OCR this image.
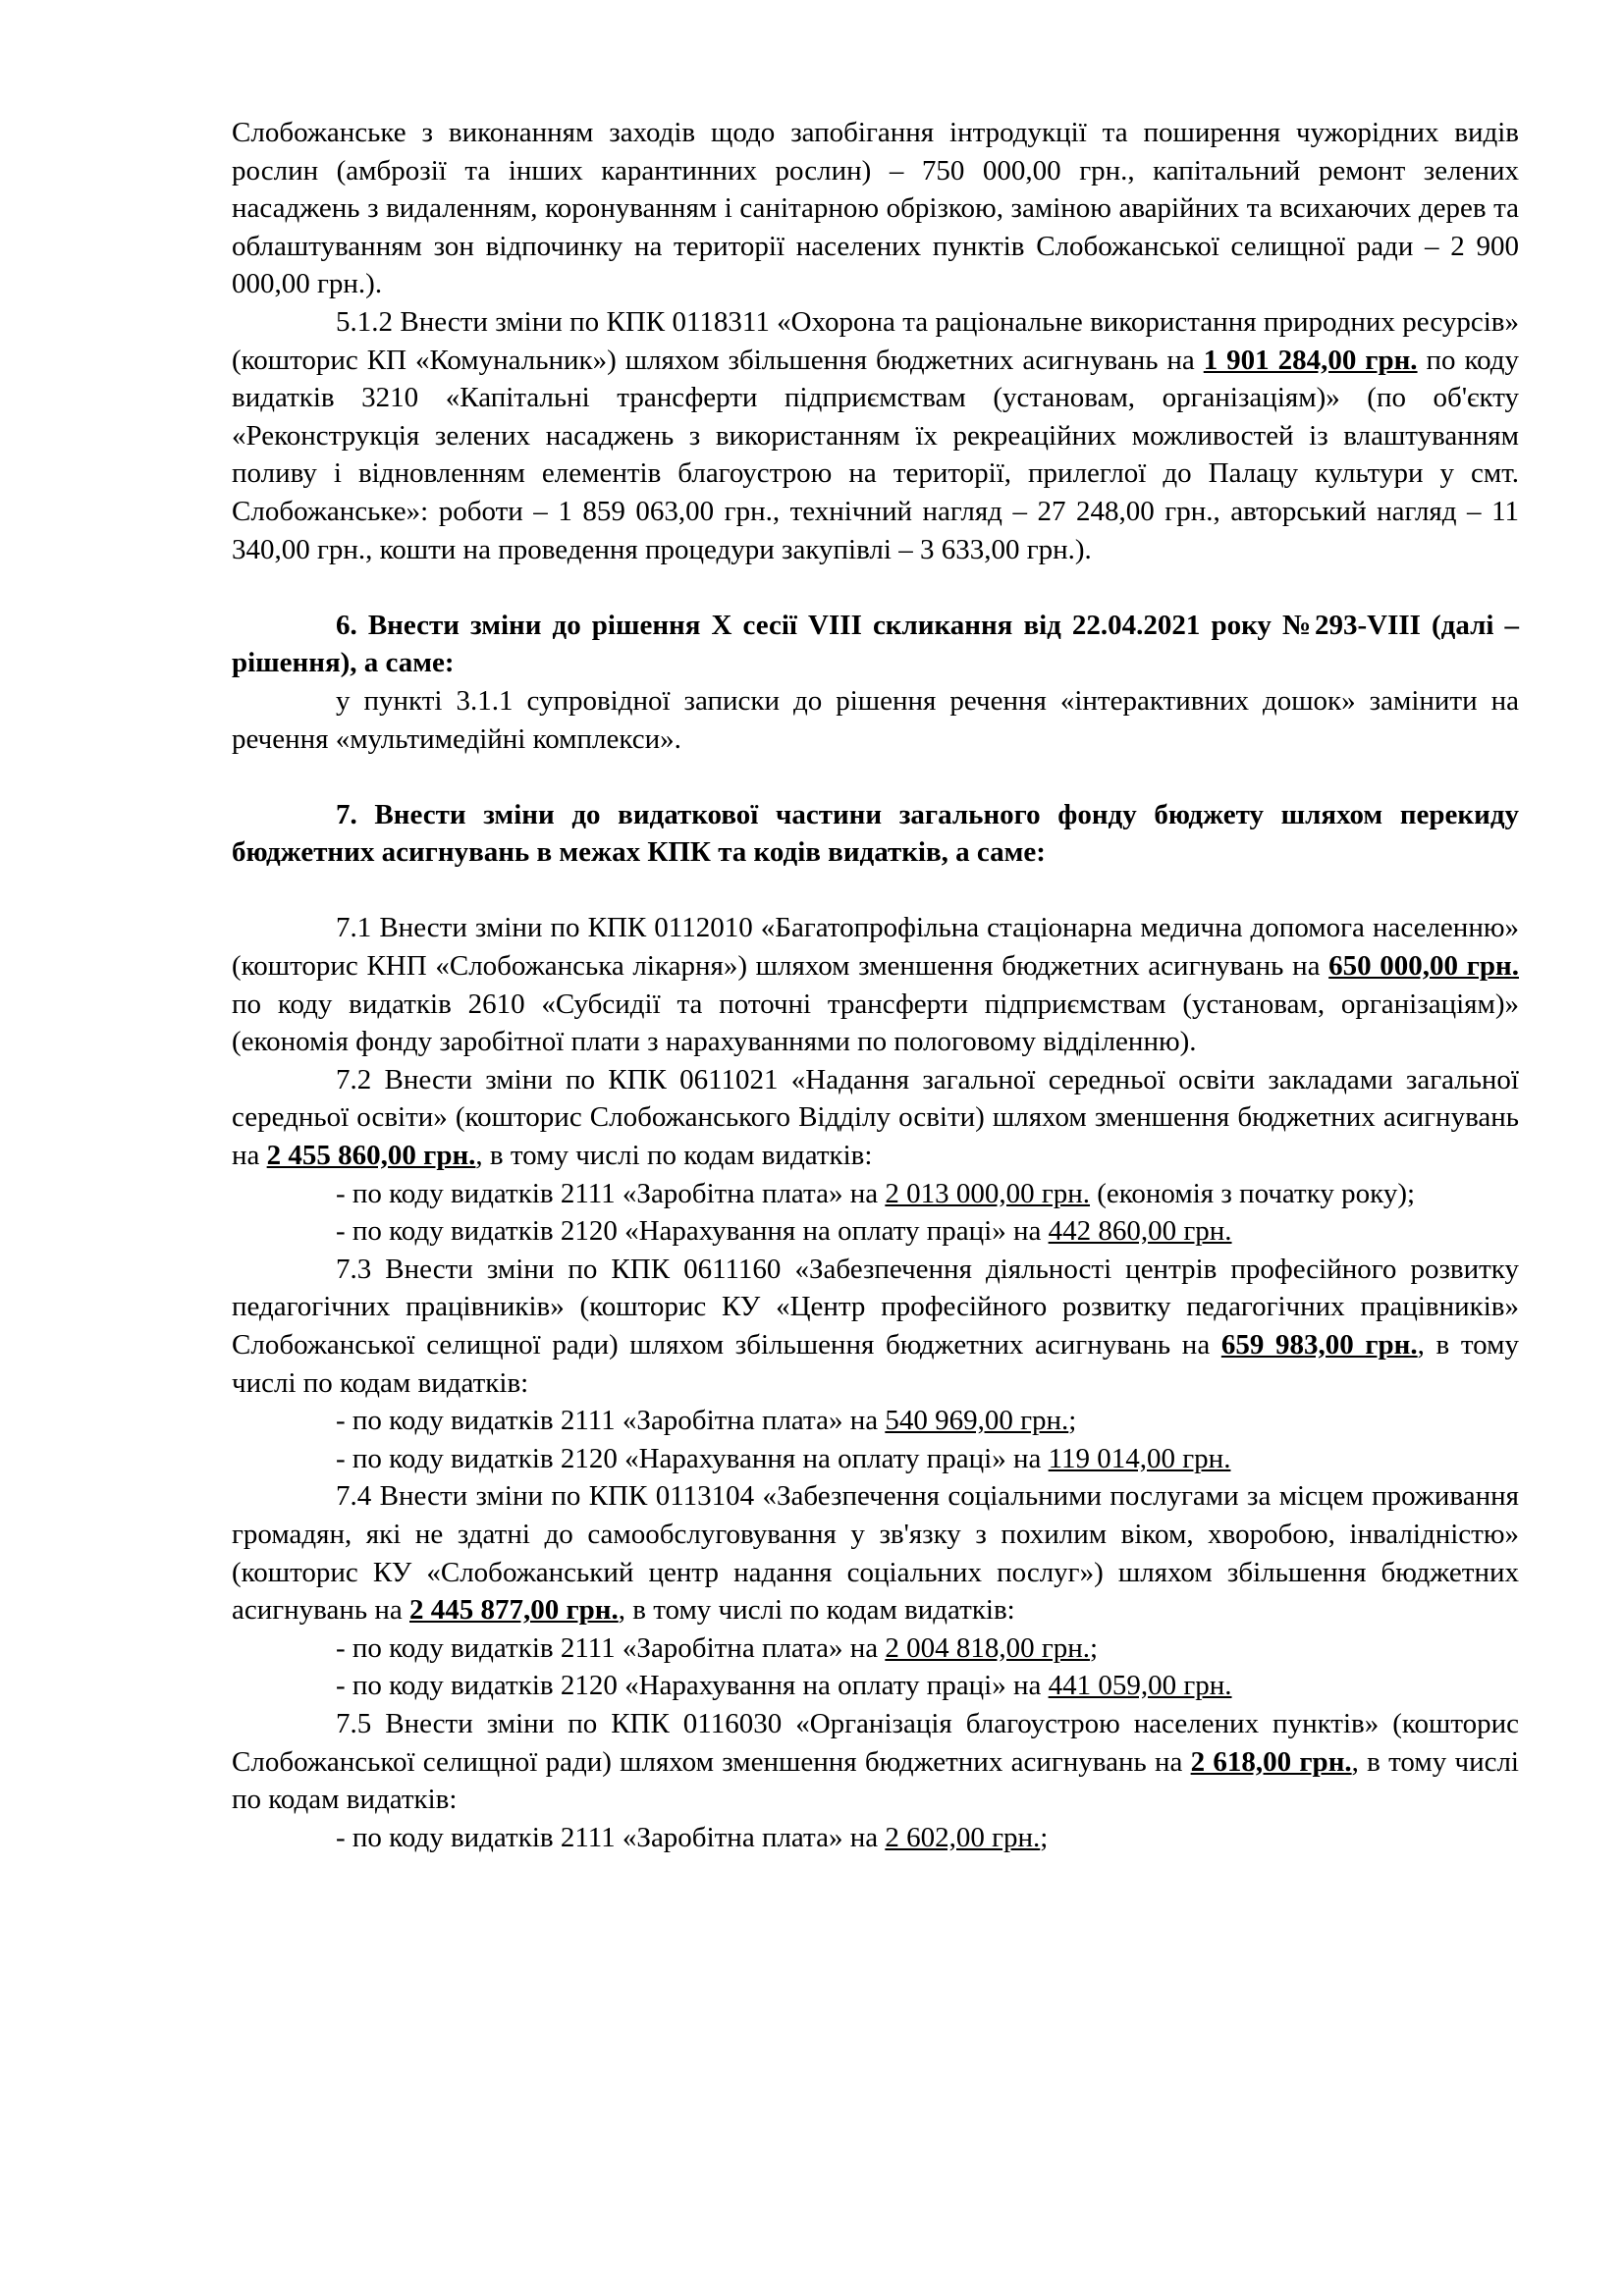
Слобожанське з виконанням заходів щодо запобігання інтродукції та поширення чужорідних видів рослин (амброзії та інших карантинних рослин) – 750 000,00 грн., капітальний ремонт зелених насаджень з видаленням, коронуванням і санітарною обрізкою, заміною аварійних та всихаючих дерев та облаштуванням зон відпочинку на території населених пунктів Слобожанської селищної ради – 2 900 000,00 грн.).

5.1.2 Внести зміни по КПК 0118311 «Охорона та раціональне використання природних ресурсів» (кошторис КП «Комунальник») шляхом збільшення бюджетних асигнувань на 1 901 284,00 грн. по коду видатків 3210 «Капітальні трансферти підприємствам (установам, організаціям)» (по об'єкту «Реконструкція зелених насаджень з використанням їх рекреаційних можливостей із влаштуванням поливу і відновленням елементів благоустрою на території, прилеглої до Палацу культури у смт. Слобожанське»: роботи – 1 859 063,00 грн., технічний нагляд – 27 248,00 грн., авторський нагляд – 11 340,00 грн., кошти на проведення процедури закупівлі – 3 633,00 грн.).

6. Внести зміни до рішення X сесії VIII скликання від 22.04.2021 року №293-VIII (далі – рішення), а саме:

у пункті 3.1.1 супровідної записки до рішення речення «інтерактивних дошок» замінити на речення «мультимедійні комплекси».

7. Внести зміни до видаткової частини загального фонду бюджету шляхом перекиду бюджетних асигнувань в межах КПК та кодів видатків, а саме:

7.1 Внести зміни по КПК 0112010 «Багатопрофільна стаціонарна медична допомога населенню» (кошторис КНП «Слобожанська лікарня») шляхом зменшення бюджетних асигнувань на 650 000,00 грн. по коду видатків 2610 «Субсидії та поточні трансферти підприємствам (установам, організаціям)» (економія фонду заробітної плати з нарахуваннями по пологовому відділенню).

7.2 Внести зміни по КПК 0611021 «Надання загальної середньої освіти закладами загальної середньої освіти» (кошторис Слобожанського Відділу освіти) шляхом зменшення бюджетних асигнувань на 2 455 860,00 грн., в тому числі по кодам видатків:

- по коду видатків 2111 «Заробітна плата» на 2 013 000,00 грн. (економія з початку року);

- по коду видатків 2120 «Нарахування на оплату праці» на 442 860,00 грн.

7.3 Внести зміни по КПК 0611160 «Забезпечення діяльності центрів професійного розвитку педагогічних працівників» (кошторис КУ «Центр професійного розвитку педагогічних працівників» Слобожанської селищної ради) шляхом збільшення бюджетних асигнувань на 659 983,00 грн., в тому числі по кодам видатків:

- по коду видатків 2111 «Заробітна плата» на 540 969,00 грн.;

- по коду видатків 2120 «Нарахування на оплату праці» на 119 014,00 грн.

7.4 Внести зміни по КПК 0113104 «Забезпечення соціальними послугами за місцем проживання громадян, які не здатні до самообслуговування у зв'язку з похилим віком, хворобою, інвалідністю» (кошторис КУ «Слобожанський центр надання соціальних послуг») шляхом збільшення бюджетних асигнувань на 2 445 877,00 грн., в тому числі по кодам видатків:

- по коду видатків 2111 «Заробітна плата» на 2 004 818,00 грн.;

- по коду видатків 2120 «Нарахування на оплату праці» на 441 059,00 грн.

7.5 Внести зміни по КПК 0116030 «Організація благоустрою населених пунктів» (кошторис Слобожанської селищної ради) шляхом зменшення бюджетних асигнувань на 2 618,00 грн., в тому числі по кодам видатків:

- по коду видатків 2111 «Заробітна плата» на 2 602,00 грн.;
